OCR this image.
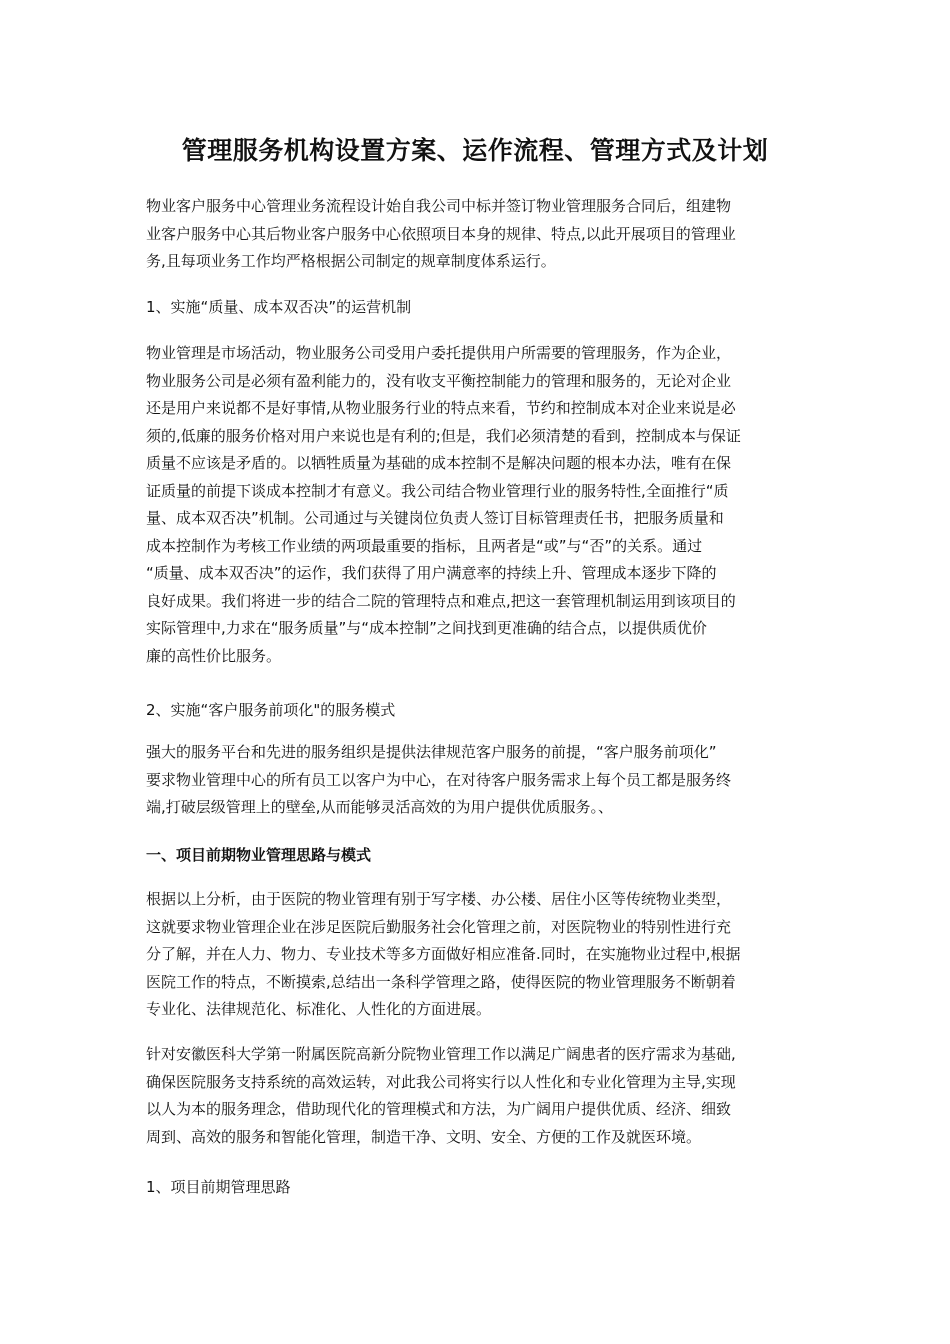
管理服务机构设置方案、运作流程、管理方式及计划
物业客户服务中心管理业务流程设计始自我公司中标并签订物业管理服务合同后，组建物
业客户服务中心其后物业客户服务中心依照项目本身的规律、特点,以此开展项目的管理业
务,且每项业务工作均严格根据公司制定的规章制度体系运行。
1、实施“质量、成本双否决”的运营机制
物业管理是市场活动，物业服务公司受用户委托提供用户所需要的管理服务，作为企业，
物业服务公司是必须有盈利能力的，没有收支平衡控制能力的管理和服务的，无论对企业
还是用户来说都不是好事情,从物业服务行业的特点来看，节约和控制成本对企业来说是必
须的,低廉的服务价格对用户来说也是有利的;但是，我们必须清楚的看到，控制成本与保证
质量不应该是矛盾的。以牺牲质量为基础的成本控制不是解决问题的根本办法，唯有在保
证质量的前提下谈成本控制才有意义。我公司结合物业管理行业的服务特性,全面推行“质
量、成本双否决”机制。公司通过与关键岗位负责人签订目标管理责任书，把服务质量和
成本控制作为考核工作业绩的两项最重要的指标，且两者是“或”与“否”的关系。通过
“质量、成本双否决”的运作，我们获得了用户满意率的持续上升、管理成本逐步下降的
良好成果。我们将进一步的结合二院的管理特点和难点,把这一套管理机制运用到该项目的
实际管理中,力求在“服务质量”与“成本控制”之间找到更准确的结合点，以提供质优价
廉的高性价比服务。
2、实施“客户服务前项化"的服务模式
强大的服务平台和先进的服务组织是提供法律规范客户服务的前提，“客户服务前项化”
要求物业管理中心的所有员工以客户为中心，在对待客户服务需求上每个员工都是服务终
端,打破层级管理上的壁垒,从而能够灵活高效的为用户提供优质服务。、
一、项目前期物业管理思路与模式
根据以上分析，由于医院的物业管理有别于写字楼、办公楼、居住小区等传统物业类型，
这就要求物业管理企业在涉足医院后勤服务社会化管理之前，对医院物业的特别性进行充
分了解，并在人力、物力、专业技术等多方面做好相应准备.同时，在实施物业过程中,根据
医院工作的特点，不断摸索,总结出一条科学管理之路，使得医院的物业管理服务不断朝着
专业化、法律规范化、标准化、人性化的方面进展。
针对安徽医科大学第一附属医院高新分院物业管理工作以满足广阔患者的医疗需求为基础,
确保医院服务支持系统的高效运转，对此我公司将实行以人性化和专业化管理为主导,实现
以人为本的服务理念，借助现代化的管理模式和方法，为广阔用户提供优质、经济、细致
周到、高效的服务和智能化管理，制造干净、文明、安全、方便的工作及就医环境。
1、项目前期管理思路
